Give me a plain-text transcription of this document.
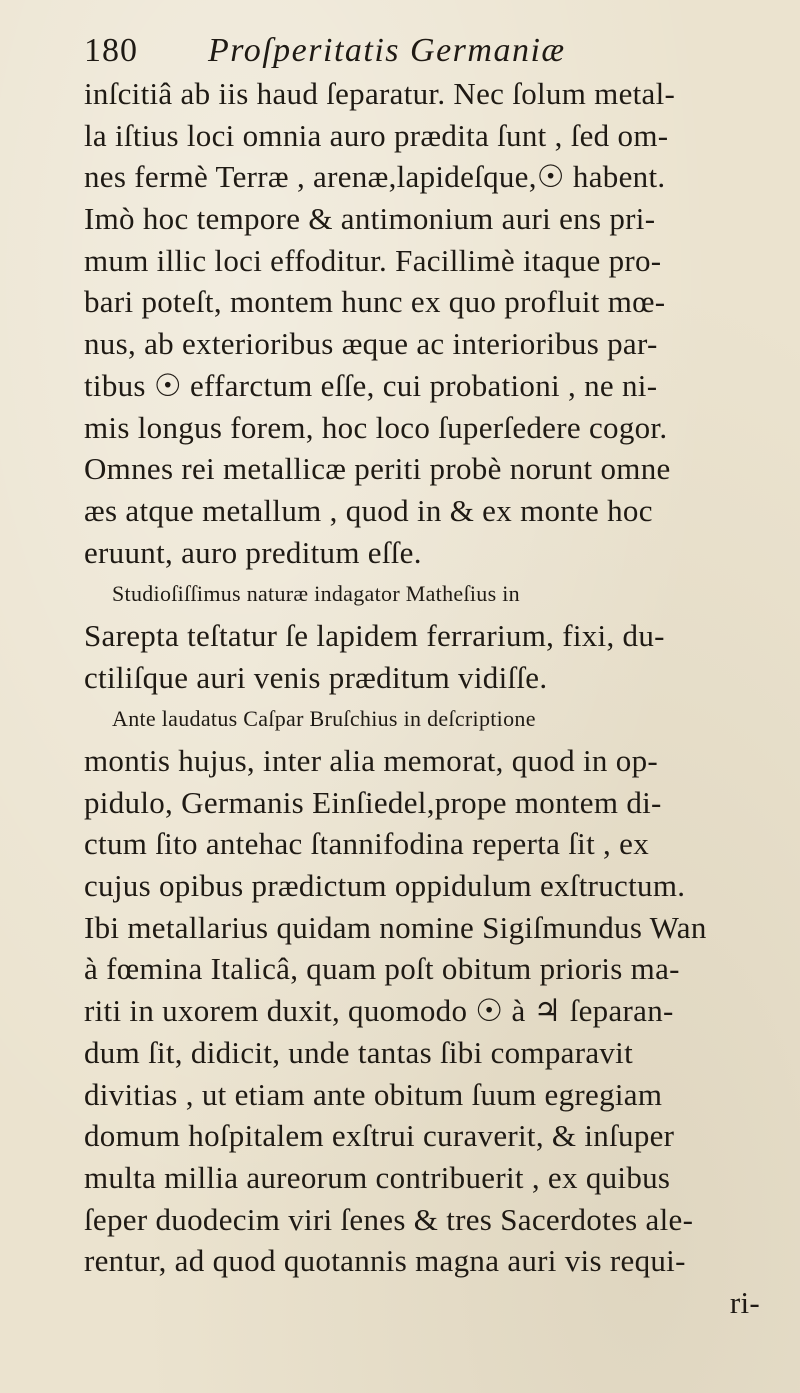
180 Proſperitatis Germaniæ
inſcitiâ ab iis haud ſeparatur. Nec ſolum metal-
la iſtius loci omnia auro prædita ſunt , ſed om-
nes fermè Terræ , arenæ,lapideſque,☉ habent.
Imò hoc tempore & antimonium auri ens pri-
mum illic loci effoditur. Facillimè itaque pro-
bari poteſt, montem hunc ex quo profluit mœ-
nus, ab exterioribus æque ac interioribus par-
tibus ☉ effarctum eſſe, cui probationi , ne ni-
mis longus forem, hoc loco ſuperſedere cogor.
Omnes rei metallicæ periti probè norunt omne
æs atque metallum , quod in & ex monte hoc
eruunt, auro preditum eſſe.
Studioſiſſimus naturæ indagator Matheſius in
Sarepta teſtatur ſe lapidem ferrarium, fixi, du-
ctiliſque auri venis præditum vidiſſe.
Ante laudatus Caſpar Bruſchius in deſcriptione
montis hujus, inter alia memorat, quod in op-
pidulo, Germanis Einſiedel,prope montem di-
ctum ſito antehac ſtannifodina reperta ſit , ex
cujus opibus prædictum oppidulum exſtructum.
Ibi metallarius quidam nomine Sigiſmundus Wan
à fœmina Italicâ, quam poſt obitum prioris ma-
riti in uxorem duxit, quomodo ☉ à ♃ ſeparan-
dum ſit, didicit, unde tantas ſibi comparavit
divitias , ut etiam ante obitum ſuum egregiam
domum hoſpitalem exſtrui curaverit, & inſuper
multa millia aureorum contribuerit , ex quibus
ſeper duodecim viri ſenes & tres Sacerdotes ale-
rentur, ad quod quotannis magna auri vis requi-
ri-
